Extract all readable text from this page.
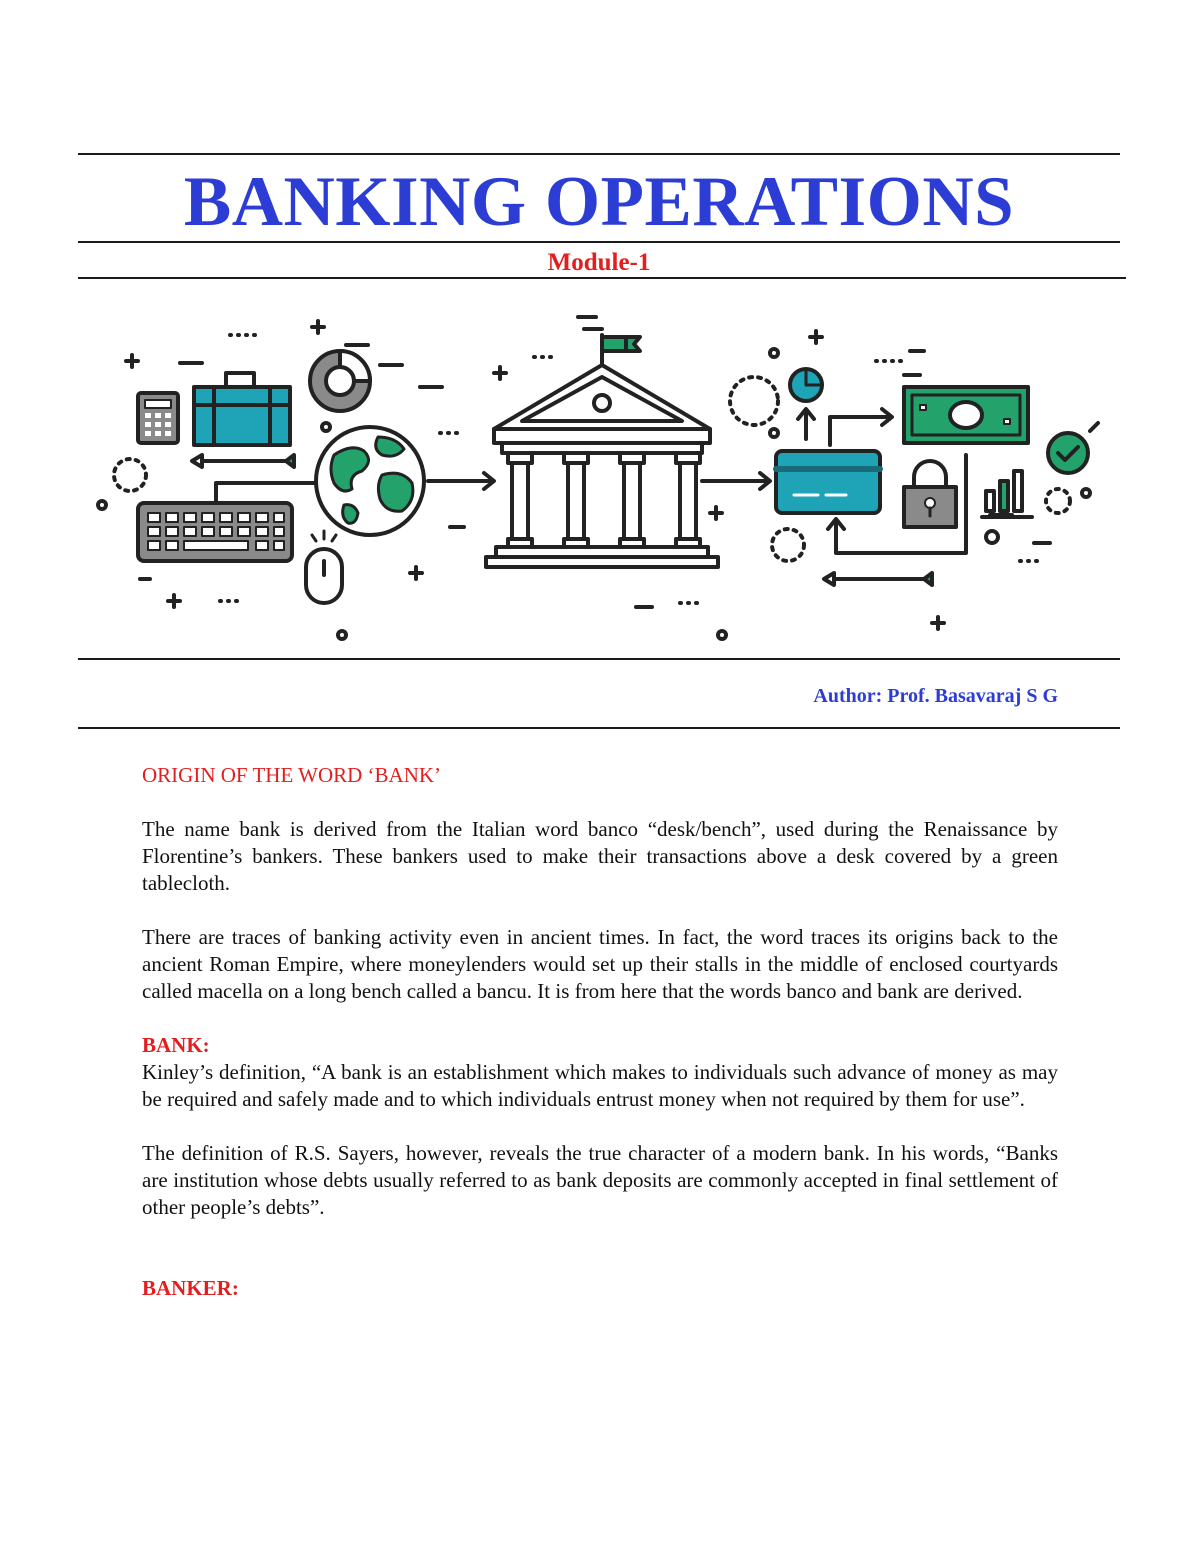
BANKING OPERATIONS
Module-1
Author: Prof. Basavaraj S G
ORIGIN OF THE WORD ‘BANK’

The name bank is derived from the Italian word banco “desk/bench”, used during the Renaissance by Florentine’s bankers. These bankers used to make their transactions above a desk covered by a green tablecloth.

There are traces of banking activity even in ancient times. In fact, the word traces its origins back to the ancient Roman Empire, where moneylenders would set up their stalls in the middle of enclosed courtyards called macella on a long bench called a bancu. It is from here that the words banco and bank are derived.

BANK:

Kinley’s definition, “A bank is an establishment which makes to individuals such advance of money as may be required and safely made and to which individuals entrust money when not required by them for use”.

The definition of R.S. Sayers, however, reveals the true character of a modern bank. In his words, “Banks are institution whose debts usually referred to as bank deposits are commonly accepted in final settlement of other people’s debts”.

BANKER:
